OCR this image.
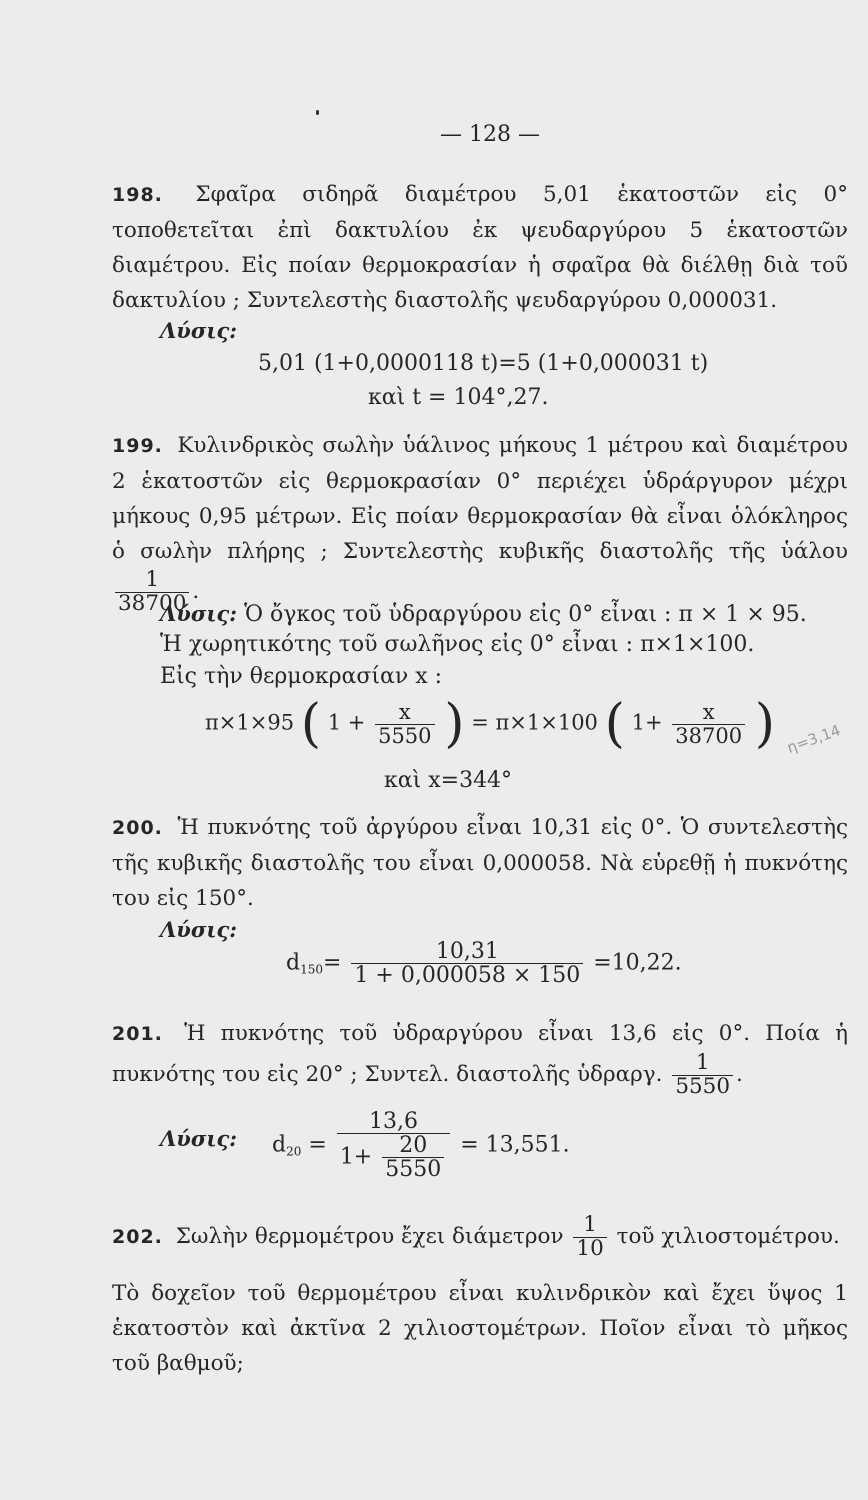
— 128 —
198. Σφαῖρα σιδηρᾶ διαμέτρου 5,01 ἑκατοστῶν εἰς 0° τοποθετεῖται ἐπὶ δακτυλίου ἐκ ψευδαργύρου 5 ἑκατοστῶν διαμέτρου. Εἰς ποίαν θερμοκρασίαν ἡ σφαῖρα θὰ διέλθῃ διὰ τοῦ δακτυλίου ; Συντελεστὴς διαστολῆς ψευδαργύρου 0,000031.
Λύσις:
5,01 (1+0,0000118 t)=5 (1+0,000031 t)
καὶ t = 104°,27.
199. Κυλινδρικὸς σωλὴν ὑάλινος μήκους 1 μέτρου καὶ διαμέτρου 2 ἑκατοστῶν εἰς θερμοκρασίαν 0° περιέχει ὑδράργυρον μέχρι μήκους 0,95 μέτρων. Εἰς ποίαν θερμοκρασίαν θὰ εἶναι ὁλόκληρος ὁ σωλὴν πλήρης ; Συντελεστὴς κυβικῆς διαστολῆς τῆς ὑάλου
$\frac{1}{38700}$ .
Λύσις: Ὁ ὄγκος τοῦ ὑδραργύρου εἰς 0° εἶναι : π × 1 × 95.
Ἡ χωρητικότης τοῦ σωλῆνος εἰς 0° εἶναι : π×1×100.
Εἰς τὴν θερμοκρασίαν x :
π×1×95 ( $1 + \frac{x}{5550}$ ) = π×1×100 ( $1+ \frac{x}{38700}$ )
καὶ x=344°
η=3,14
200. Ἡ πυκνότης τοῦ ἀργύρου εἶναι 10,31 εἰς 0°. Ὁ συντελεστὴς τῆς κυβικῆς διαστολῆς του εἶναι 0,000058. Νὰ εὑρεθῇ ἡ πυκνότης του εἰς 150°.
Λύσις:
$d_{150}= \frac{10,31}{1 + 0,000058 \times 150} =10,22$.
201. Ἡ πυκνότης τοῦ ὑδραργύρου εἶναι 13,6 εἰς 0°. Ποία ἡ πυκνότης του εἰς 20° ; Συντελ. διαστολῆς ὑδραργ. $\frac{1}{5550}$ .
Λύσις: $d_{20} = \frac{13,6}{1+ \frac{20}{5550}} = 13,551$.
202. Σωλὴν θερμομέτρου ἔχει διάμετρον $\frac{1}{10}$ τοῦ χιλιοστομέτρου.
Τὸ δοχεῖον τοῦ θερμομέτρου εἶναι κυλινδρικὸν καὶ ἔχει ὕψος 1 ἑκατοστὸν καὶ ἀκτῖνα 2 χιλιοστομέτρων. Ποῖον εἶναι τὸ μῆκος τοῦ βαθμοῦ;
